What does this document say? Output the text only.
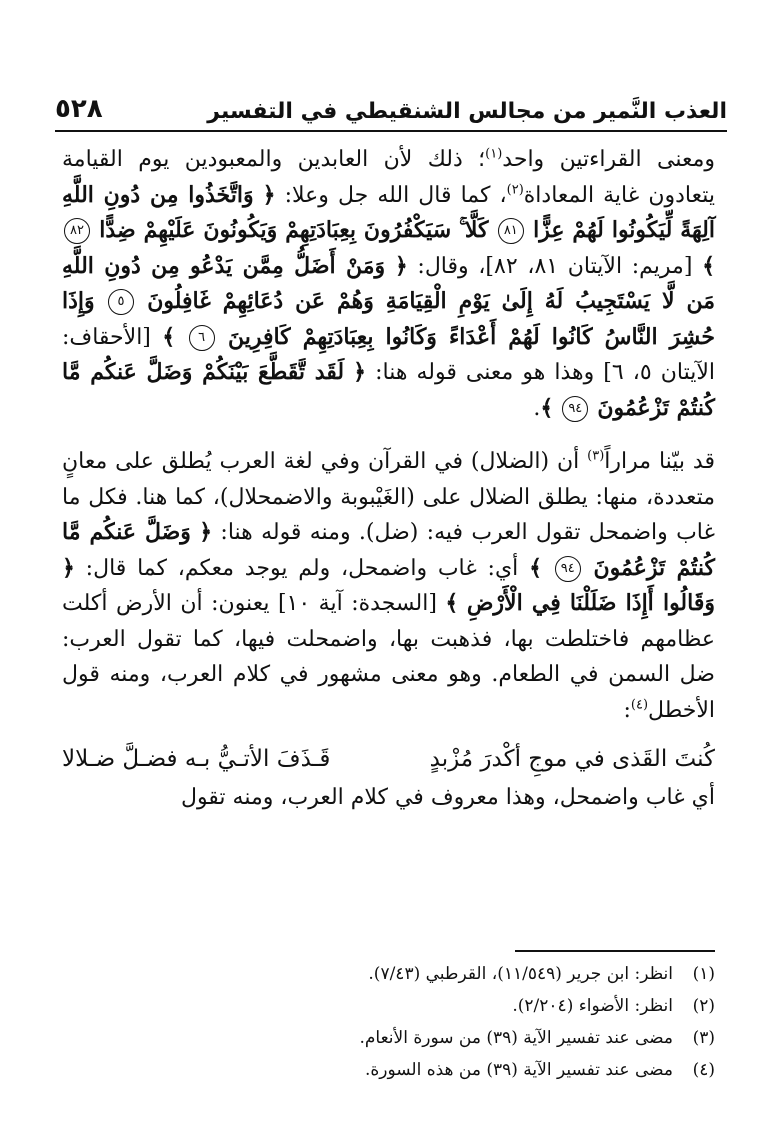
العذب النَّمير من مجالس الشنقيطي في التفسير
٥٢٨

ومعنى القراءتين واحد$^{(١)}$؛ ذلك لأن العابدين والمعبودين يوم القيامة يتعادون غاية المعاداة$^{(٢)}$، كما قال الله جل وعلا: ﴿ وَاتَّخَذُوا مِن دُونِ اللَّهِ آلِهَةً لِّيَكُونُوا لَهُمْ عِزًّا ٨١ كَلَّا ۚ سَيَكْفُرُونَ بِعِبَادَتِهِمْ وَيَكُونُونَ عَلَيْهِمْ ضِدًّا ٨٢ ﴾ [مريم: الآيتان ٨١، ٨٢]، وقال: ﴿ وَمَنْ أَضَلُّ مِمَّن يَدْعُو مِن دُونِ اللَّهِ مَن لَّا يَسْتَجِيبُ لَهُ إِلَىٰ يَوْمِ الْقِيَامَةِ وَهُمْ عَن دُعَائِهِمْ غَافِلُونَ ٥ وَإِذَا حُشِرَ النَّاسُ كَانُوا لَهُمْ أَعْدَاءً وَكَانُوا بِعِبَادَتِهِمْ كَافِرِينَ ٦ ﴾ [الأحقاف: الآيتان ٥، ٦] وهذا هو معنى قوله هنا: ﴿ لَقَد تَّقَطَّعَ بَيْنَكُمْ وَضَلَّ عَنكُم مَّا كُنتُمْ تَزْعُمُونَ ٩٤ ﴾.

قد بيّنا مراراً$^{(٣)}$ أن (الضلال) في القرآن وفي لغة العرب يُطلق على معانٍ متعددة، منها: يطلق الضلال على (الغَيْبوبة والاضمحلال)، كما هنا. فكل ما غاب واضمحل تقول العرب فيه: (ضل). ومنه قوله هنا: ﴿ وَضَلَّ عَنكُم مَّا كُنتُمْ تَزْعُمُونَ ٩٤ ﴾ أي: غاب واضمحل، ولم يوجد معكم، كما قال: ﴿ وَقَالُوا أَإِذَا ضَلَلْنَا فِي الْأَرْضِ ﴾ [السجدة: آية ١٠] يعنون: أن الأرض أكلت عظامهم فاختلطت بها، فذهبت بها، واضمحلت فيها، كما تقول العرب: ضل السمن في الطعام. وهو معنى مشهور في كلام العرب، ومنه قول الأخطل$^{(٤)}$:

كُنتَ القَذى في موجِ أكْدرَ مُزْبدٍ
قَـذَفَ الأتـيُّ بـه فضـلَّ ضـلالا

أي غاب واضمحل، وهذا معروف في كلام العرب، ومنه تقول

(١)
انظر: ابن جرير (١١/٥٤٩)، القرطبي (٧/٤٣).
(٢)
انظر: الأضواء (٢/٢٠٤).
(٣)
مضى عند تفسير الآية (٣٩) من سورة الأنعام.
(٤)
مضى عند تفسير الآية (٣٩) من هذه السورة.
